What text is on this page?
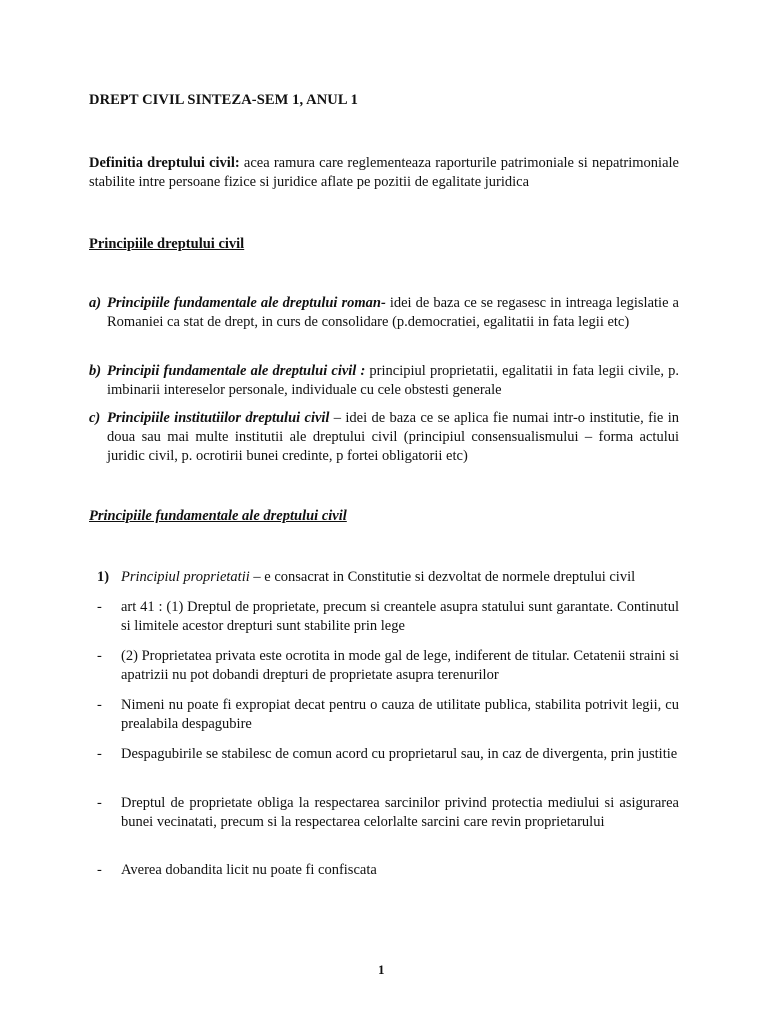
DREPT CIVIL SINTEZA-SEM 1, ANUL 1
Definitia dreptului civil: acea ramura care reglementeaza raporturile patrimoniale si nepatrimoniale stabilite intre persoane fizice si juridice aflate pe pozitii de egalitate juridica
Principiile dreptului civil
a) Principiile fundamentale ale dreptului roman- idei de baza ce se regasesc in intreaga legislatie a Romaniei ca stat de drept, in curs de consolidare (p.democratiei, egalitatii in fata legii etc)
b) Principii fundamentale ale dreptului civil : principiul proprietatii, egalitatii in fata legii civile, p. imbinarii intereselor personale, individuale cu cele obstesti generale
c) Principiile institutiilor dreptului civil – idei de baza ce se aplica fie numai intr-o institutie, fie in doua sau mai multe institutii ale dreptului civil (principiul consensualismului – forma actului juridic civil, p. ocrotirii bunei credinte, p fortei obligatorii etc)
Principiile fundamentale ale dreptului civil
1) Principiul proprietatii – e consacrat in Constitutie si dezvoltat de normele dreptului civil
- art 41 : (1) Dreptul de proprietate, precum si creantele asupra statului sunt garantate. Continutul si limitele acestor drepturi sunt stabilite prin lege
- (2) Proprietatea privata este ocrotita in mode gal de lege, indiferent de titular. Cetatenii straini si apatrizii nu pot dobandi drepturi de proprietate asupra terenurilor
- Nimeni nu poate fi expropiat decat pentru o cauza de utilitate publica, stabilita potrivit legii, cu prealabila despagubire
- Despagubirile se stabilesc de comun acord cu proprietarul sau, in caz de divergenta, prin justitie
- Dreptul de proprietate obliga la respectarea sarcinilor privind protectia mediului si asigurarea bunei vecinatati, precum si la respectarea celorlalte sarcini care revin proprietarului
- Averea dobandita licit nu poate fi confiscata
1
